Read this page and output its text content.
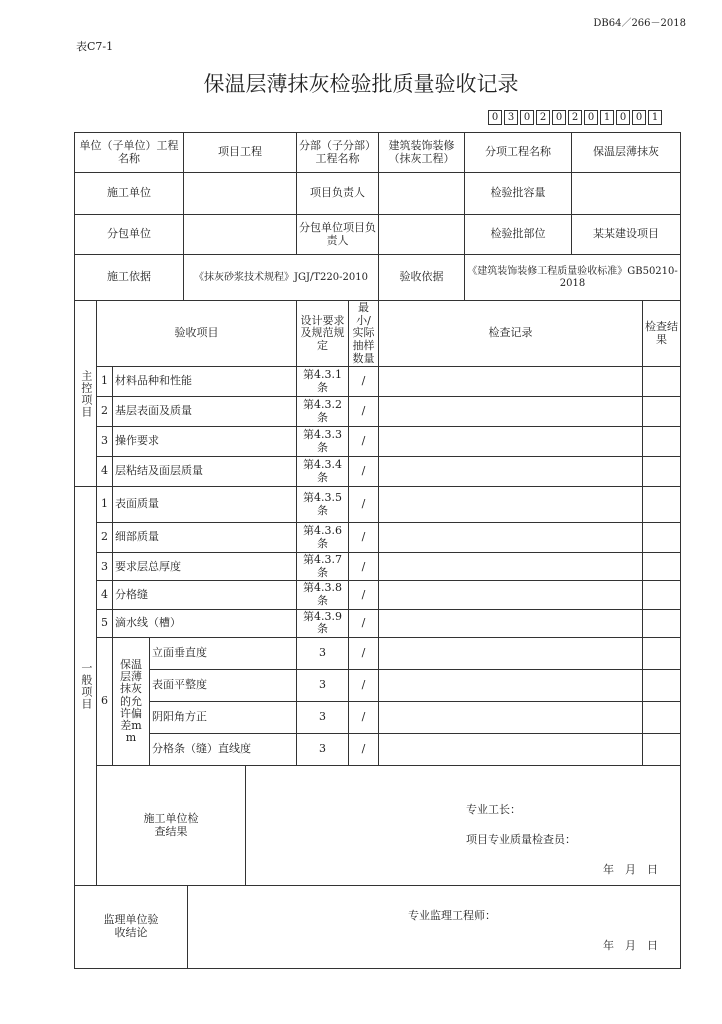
DB64／266－2018
表C7-1
保温层薄抹灰检验批质量验收记录
0 3 0 2 0 2 0 1 0 0 1
单位（子单位）工程名称				项目工程			分部（子分部）工程名称		建筑装饰装修（抹灰工程）	分项工程名称	保温层薄抹灰	
施工单位							项目负责人			检验批容量		
分包单位							分包单位项目负责人			检验批部位	某某建设项目	
施工依据				《抹灰砂浆技术规程》JGJ/T220-2010					验收依据	《建筑装饰装修工程质量验收标准》GB50210-2018		

主控项目	验收项目						设计要求及规范规定	最小/实际抽样数量	检查记录			检查结果
	1	材料品种和性能					第4.3.1条	/				
	2	基层表面及质量					第4.3.2条	/				
	3	操作要求					第4.3.3条	/				
	4	层粘结及面层质量					第4.3.4条	/				

一般项目	1	表面质量					第4.3.5条	/				
	2	细部质量					第4.3.6条	/				
	3	要求层总厚度					第4.3.7条	/				
	4	分格缝					第4.3.8条	/				
	5	滴水线（槽）					第4.3.9条	/				
	6	保温层薄抹灰的允许偏差mm	立面垂直度				3	/				
			表面平整度				3	/				
			阴阳角方正				3	/				
			分格条（缝）直线度				3	/				

	施工单位检查结果					专业工长：
项目专业质量检查员：
年　月　日						

监理单位验收结论					专业监理工程师：
年　月　日							
